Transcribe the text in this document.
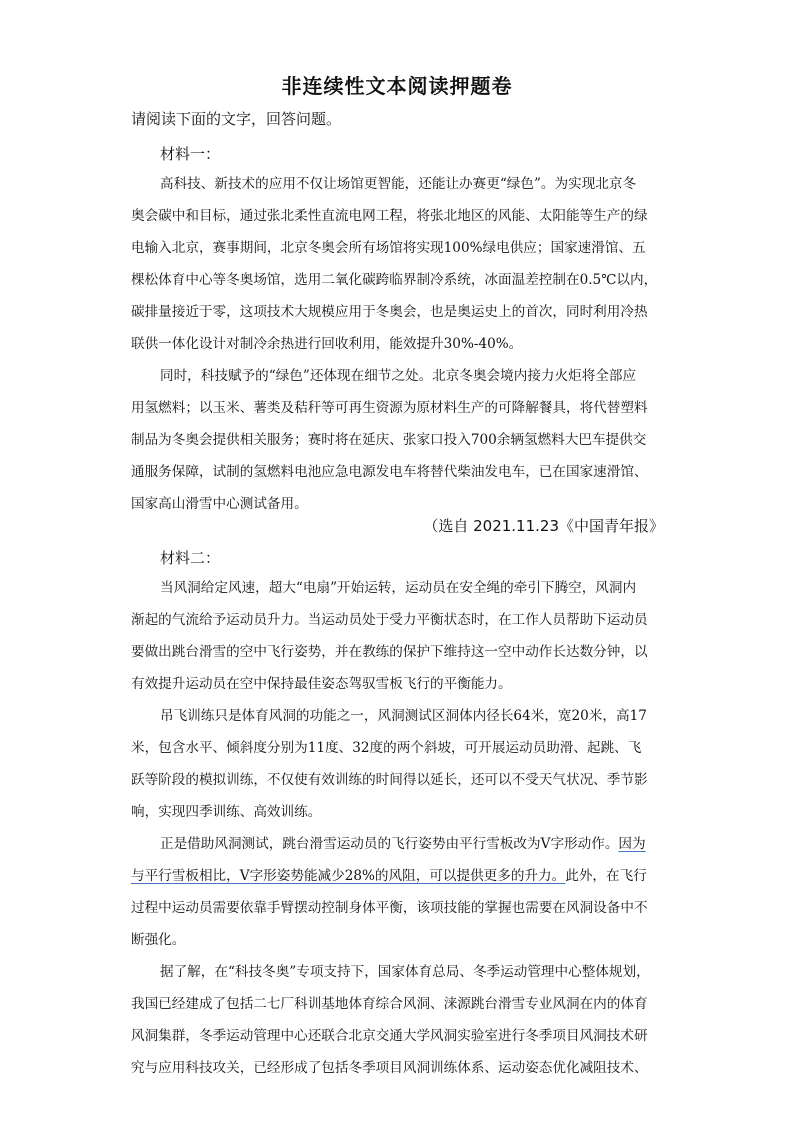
非连续性文本阅读押题卷
请阅读下面的文字，回答问题。
材料一：
高科技、新技术的应用不仅让场馆更智能，还能让办赛更“绿色”。为实现北京冬
奥会碳中和目标，通过张北柔性直流电网工程，将张北地区的风能、太阳能等生产的绿
电输入北京，赛事期间，北京冬奥会所有场馆将实现100%绿电供应；国家速滑馆、五
棵松体育中心等冬奥场馆，选用二氧化碳跨临界制冷系统，冰面温差控制在0.5℃以内，
碳排量接近于零，这项技术大规模应用于冬奥会，也是奥运史上的首次，同时利用冷热
联供一体化设计对制冷余热进行回收利用，能效提升30%-40%。
同时，科技赋予的“绿色”还体现在细节之处。北京冬奥会境内接力火炬将全部应
用氢燃料；以玉米、薯类及秸秆等可再生资源为原材料生产的可降解餐具，将代替塑料
制品为冬奥会提供相关服务；赛时将在延庆、张家口投入700余辆氢燃料大巴车提供交
通服务保障，试制的氢燃料电池应急电源发电车将替代柴油发电车，已在国家速滑馆、
国家高山滑雪中心测试备用。
（选自 2021.11.23《中国青年报》
材料二：
当风洞给定风速，超大“电扇”开始运转，运动员在安全绳的牵引下腾空，风洞内
渐起的气流给予运动员升力。当运动员处于受力平衡状态时，在工作人员帮助下运动员
要做出跳台滑雪的空中飞行姿势，并在教练的保护下维持这一空中动作长达数分钟，以
有效提升运动员在空中保持最佳姿态驾驭雪板飞行的平衡能力。
吊飞训练只是体育风洞的功能之一，风洞测试区洞体内径长64米，宽20米，高17
米，包含水平、倾斜度分别为11度、32度的两个斜坡，可开展运动员助滑、起跳、飞
跃等阶段的模拟训练，不仅使有效训练的时间得以延长，还可以不受天气状况、季节影
响，实现四季训练、高效训练。
正是借助风洞测试，跳台滑雪运动员的飞行姿势由平行雪板改为V字形动作。因为
与平行雪板相比，V字形姿势能减少28%的风阻，可以提供更多的升力。此外，在飞行
过程中运动员需要依靠手臂摆动控制身体平衡，该项技能的掌握也需要在风洞设备中不
断强化。
据了解，在“科技冬奥”专项支持下，国家体育总局、冬季运动管理中心整体规划，
我国已经建成了包括二七厂科训基地体育综合风洞、涞源跳台滑雪专业风洞在内的体育
风洞集群，冬季运动管理中心还联合北京交通大学风洞实验室进行冬季项目风洞技术研
究与应用科技攻关，已经形成了包括冬季项目风洞训练体系、运动姿态优化减阻技术、
